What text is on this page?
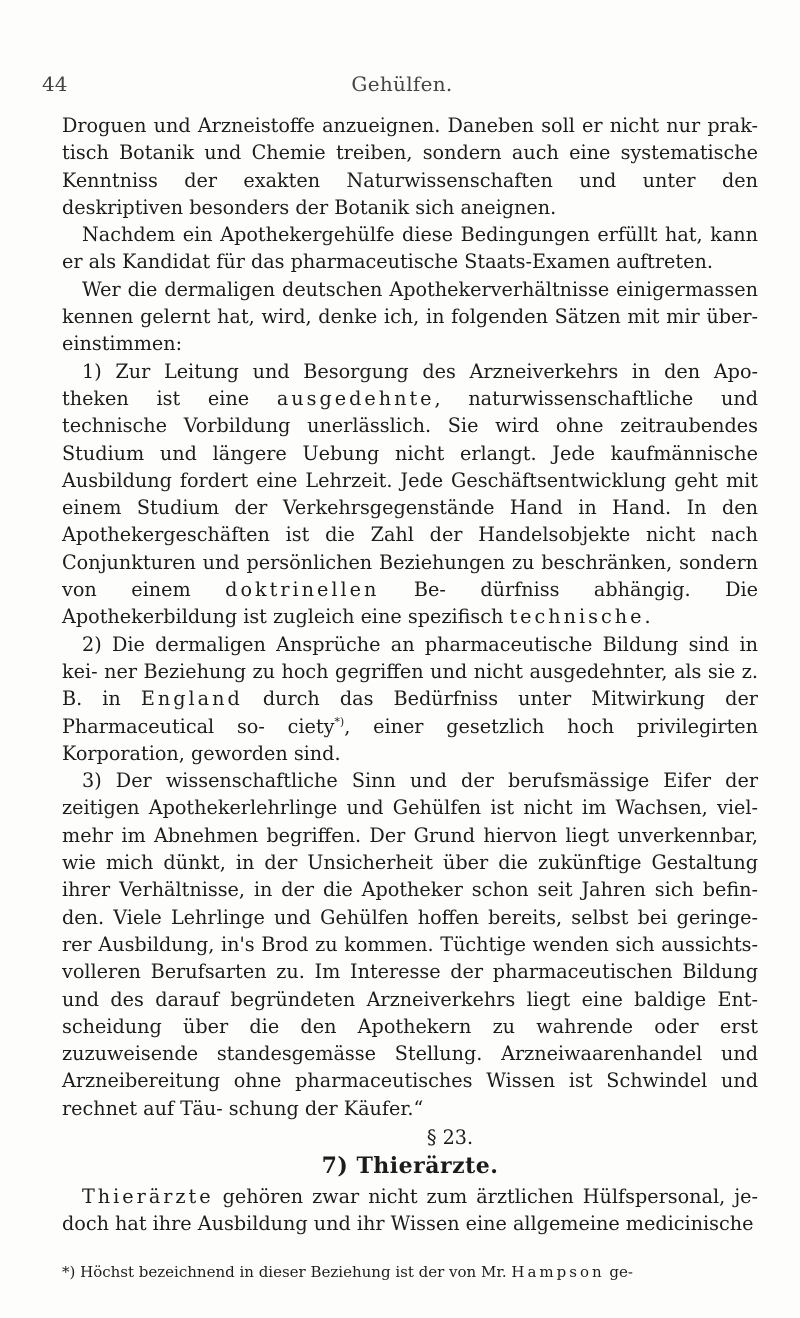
44	Gehülfen.

Droguen und Arzneistoffe anzueignen. Daneben soll er nicht nur prak- tisch Botanik und Chemie treiben, sondern auch eine systematische Kenntniss der exakten Naturwissenschaften und unter den deskriptiven besonders der Botanik sich aneignen.

Nachdem ein Apothekergehülfe diese Bedingungen erfüllt hat, kann er als Kandidat für das pharmaceutische Staats-Examen auftreten.

Wer die dermaligen deutschen Apothekerverhältnisse einigermassen kennen gelernt hat, wird, denke ich, in folgenden Sätzen mit mir über- einstimmen:

1) Zur Leitung und Besorgung des Arzneiverkehrs in den Apo- theken ist eine ausgedehnte, naturwissenschaftliche und technische Vorbildung unerlässlich. Sie wird ohne zeitraubendes Studium und längere Uebung nicht erlangt. Jede kaufmännische Ausbildung fordert eine Lehrzeit. Jede Geschäftsentwicklung geht mit einem Studium der Verkehrsgegenstände Hand in Hand. In den Apothekergeschäften ist die Zahl der Handelsobjekte nicht nach Conjunkturen und persönlichen Beziehungen zu beschränken, sondern von einem doktrinellen Be- dürfniss abhängig. Die Apothekerbildung ist zugleich eine spezifisch technische.

2) Die dermaligen Ansprüche an pharmaceutische Bildung sind in kei- ner Beziehung zu hoch gegriffen und nicht ausgedehnter, als sie z. B. in England durch das Bedürfniss unter Mitwirkung der Pharmaceutical so- ciety*), einer gesetzlich hoch privilegirten Korporation, geworden sind.

3) Der wissenschaftliche Sinn und der berufsmässige Eifer der zeitigen Apothekerlehrlinge und Gehülfen ist nicht im Wachsen, viel- mehr im Abnehmen begriffen. Der Grund hiervon liegt unverkennbar, wie mich dünkt, in der Unsicherheit über die zukünftige Gestaltung ihrer Verhältnisse, in der die Apotheker schon seit Jahren sich befin- den. Viele Lehrlinge und Gehülfen hoffen bereits, selbst bei geringe- rer Ausbildung, in's Brod zu kommen. Tüchtige wenden sich aussichts- volleren Berufsarten zu. Im Interesse der pharmaceutischen Bildung und des darauf begründeten Arzneiverkehrs liegt eine baldige Ent- scheidung über die den Apothekern zu wahrende oder erst zuzuweisende standesgemässe Stellung. Arzneiwaarenhandel und Arzneibereitung ohne pharmaceutisches Wissen ist Schwindel und rechnet auf Täu- schung der Käufer.“

§ 23.
7) Thierärzte.

Thierärzte gehören zwar nicht zum ärztlichen Hülfspersonal, je- doch hat ihre Ausbildung und ihr Wissen eine allgemeine medicinische

*) Höchst bezeichnend in dieser Beziehung ist der von Mr. Hampson ge-
